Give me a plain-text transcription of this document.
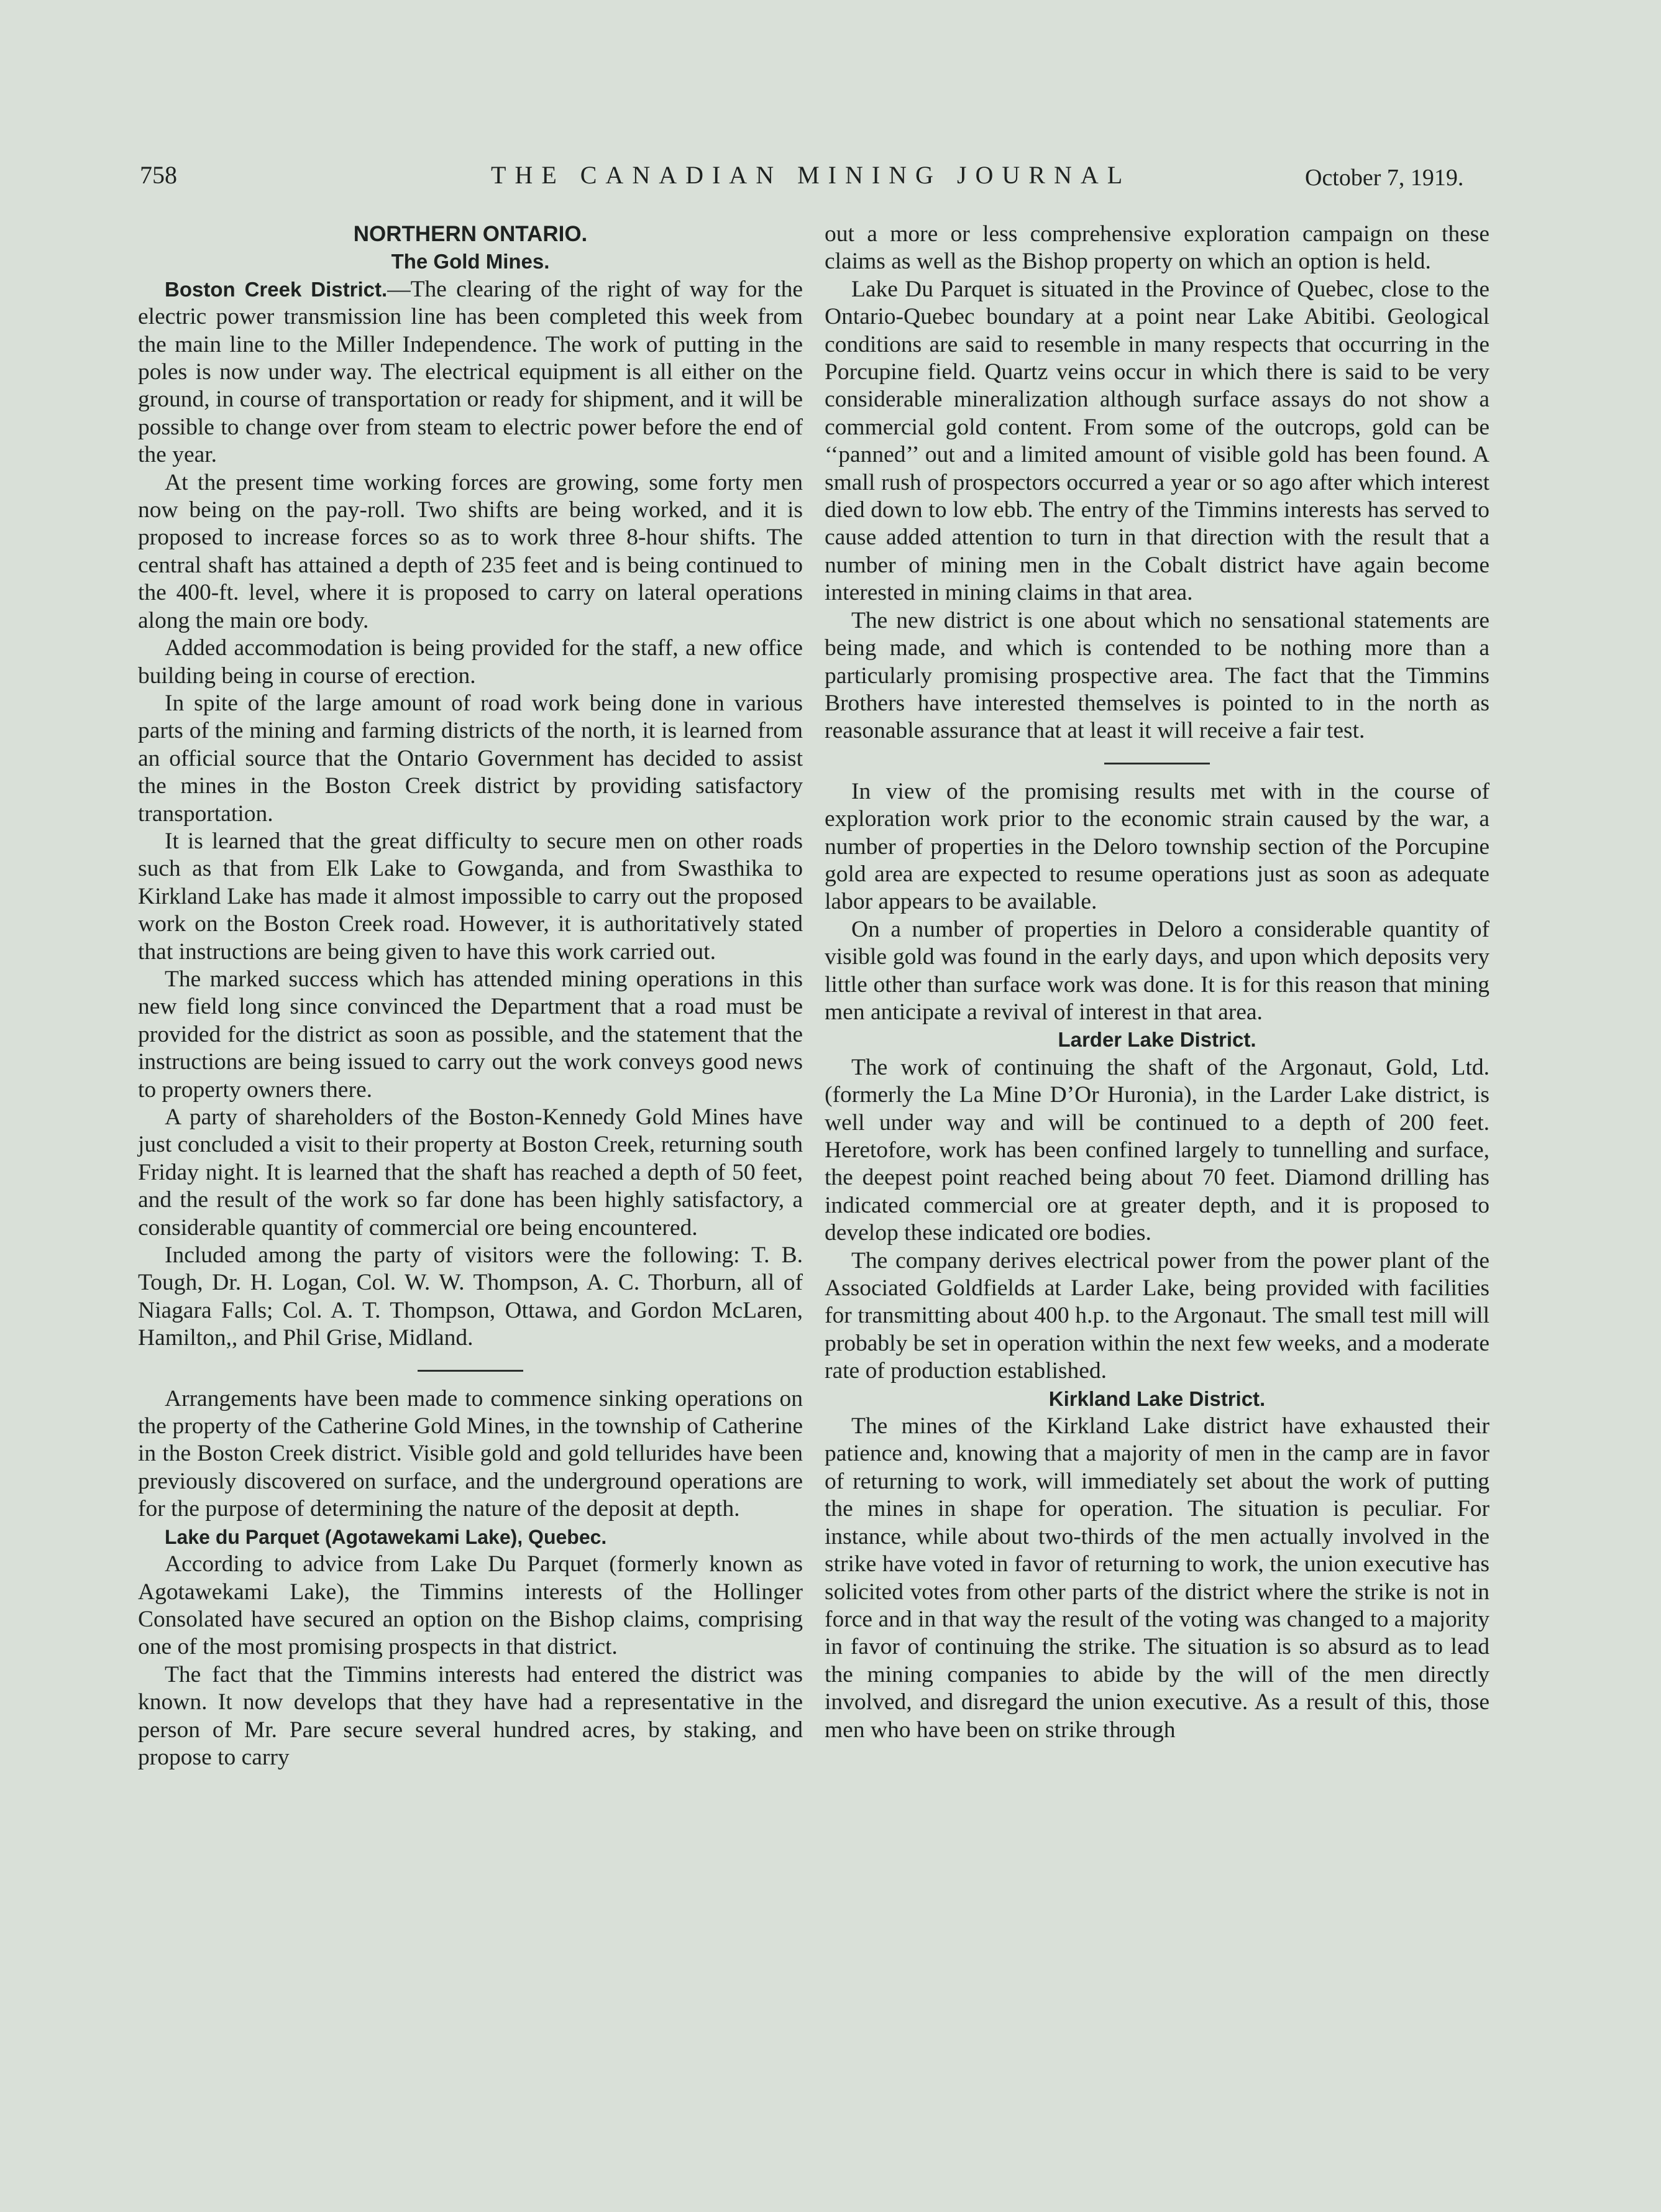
758	THE CANADIAN MINING JOURNAL	October 7, 1919.
NORTHERN ONTARIO.
The Gold Mines.

Boston Creek District.—The clearing of the right of way for the electric power transmission line has been completed this week from the main line to the Miller Independence. The work of putting in the poles is now under way. The electrical equipment is all either on the ground, in course of transportation or ready for shipment, and it will be possible to change over from steam to electric power before the end of the year.

At the present time working forces are growing, some forty men now being on the pay-roll. Two shifts are being worked, and it is proposed to increase forces so as to work three 8-hour shifts. The central shaft has attained a depth of 235 feet and is being continued to the 400-ft. level, where it is proposed to carry on lateral operations along the main ore body.

Added accommodation is being provided for the staff, a new office building being in course of erection.

In spite of the large amount of road work being done in various parts of the mining and farming districts of the north, it is learned from an official source that the Ontario Government has decided to assist the mines in the Boston Creek district by providing satisfactory transportation.

It is learned that the great difficulty to secure men on other roads such as that from Elk Lake to Gowganda, and from Swasthika to Kirkland Lake has made it almost impossible to carry out the proposed work on the Boston Creek road. However, it is authoritatively stated that instructions are being given to have this work carried out.

The marked success which has attended mining operations in this new field long since convinced the Department that a road must be provided for the district as soon as possible, and the statement that the instructions are being issued to carry out the work conveys good news to property owners there.

A party of shareholders of the Boston-Kennedy Gold Mines have just concluded a visit to their property at Boston Creek, returning south Friday night. It is learned that the shaft has reached a depth of 50 feet, and the result of the work so far done has been highly satisfactory, a considerable quantity of commercial ore being encountered.

Included among the party of visitors were the following: T. B. Tough, Dr. H. Logan, Col. W. W. Thompson, A. C. Thorburn, all of Niagara Falls; Col. A. T. Thompson, Ottawa, and Gordon McLaren, Hamilton,, and Phil Grise, Midland.

Arrangements have been made to commence sinking operations on the property of the Catherine Gold Mines, in the township of Catherine in the Boston Creek district. Visible gold and gold tellurides have been previously discovered on surface, and the underground operations are for the purpose of determining the nature of the deposit at depth.

Lake du Parquet (Agotawekami Lake), Quebec.

According to advice from Lake Du Parquet (formerly known as Agotawekami Lake), the Timmins interests of the Hollinger Consolated have secured an option on the Bishop claims, comprising one of the most promising prospects in that district.

The fact that the Timmins interests had entered the district was known. It now develops that they have had a representative in the person of Mr. Pare secure several hundred acres, by staking, and propose to carry

out a more or less comprehensive exploration campaign on these claims as well as the Bishop property on which an option is held.

Lake Du Parquet is situated in the Province of Quebec, close to the Ontario-Quebec boundary at a point near Lake Abitibi. Geological conditions are said to resemble in many respects that occurring in the Porcupine field. Quartz veins occur in which there is said to be very considerable mineralization although surface assays do not show a commercial gold content. From some of the outcrops, gold can be ‘‘panned’’ out and a limited amount of visible gold has been found. A small rush of prospectors occurred a year or so ago after which interest died down to low ebb. The entry of the Timmins interests has served to cause added attention to turn in that direction with the result that a number of mining men in the Cobalt district have again become interested in mining claims in that area.

The new district is one about which no sensational statements are being made, and which is contended to be nothing more than a particularly promising prospective area. The fact that the Timmins Brothers have interested themselves is pointed to in the north as reasonable assurance that at least it will receive a fair test.

In view of the promising results met with in the course of exploration work prior to the economic strain caused by the war, a number of properties in the Deloro township section of the Porcupine gold area are expected to resume operations just as soon as adequate labor appears to be available.

On a number of properties in Deloro a considerable quantity of visible gold was found in the early days, and upon which deposits very little other than surface work was done. It is for this reason that mining men anticipate a revival of interest in that area.

Larder Lake District.

The work of continuing the shaft of the Argonaut, Gold, Ltd. (formerly the La Mine D’Or Huronia), in the Larder Lake district, is well under way and will be continued to a depth of 200 feet. Heretofore, work has been confined largely to tunnelling and surface, the deepest point reached being about 70 feet. Diamond drilling has indicated commercial ore at greater depth, and it is proposed to develop these indicated ore bodies.

The company derives electrical power from the power plant of the Associated Goldfields at Larder Lake, being provided with facilities for transmitting about 400 h.p. to the Argonaut. The small test mill will probably be set in operation within the next few weeks, and a moderate rate of production established.

Kirkland Lake District.

The mines of the Kirkland Lake district have exhausted their patience and, knowing that a majority of men in the camp are in favor of returning to work, will immediately set about the work of putting the mines in shape for operation. The situation is peculiar. For instance, while about two-thirds of the men actually involved in the strike have voted in favor of returning to work, the union executive has solicited votes from other parts of the district where the strike is not in force and in that way the result of the voting was changed to a majority in favor of continuing the strike. The situation is so absurd as to lead the mining companies to abide by the will of the men directly involved, and disregard the union executive. As a result of this, those men who have been on strike through
